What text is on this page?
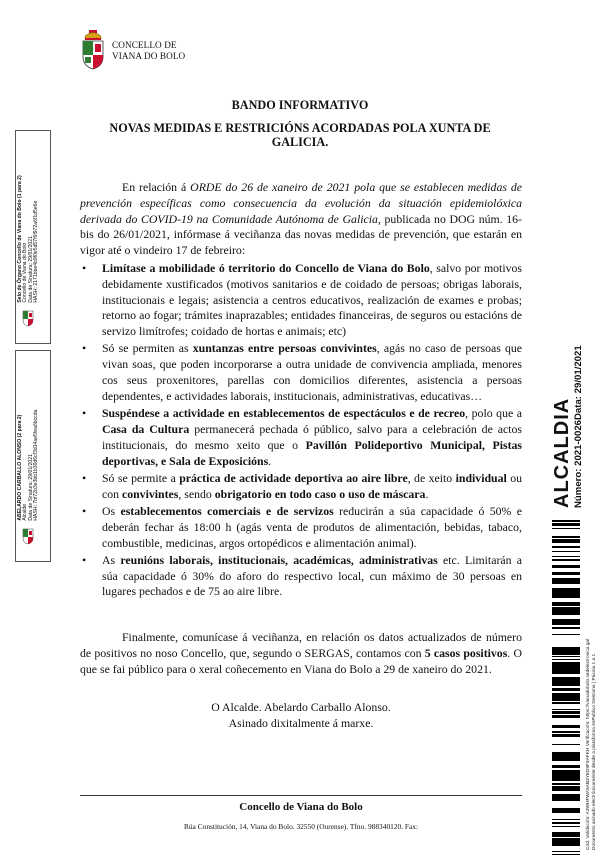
CONCELLO DE
VIANA DO BOLO
BANDO INFORMATIVO
NOVAS MEDIDAS E RESTRICIÓNS ACORDADAS POLA XUNTA DE
GALICIA.
En relación á ORDE do 26 de xaneiro de 2021 pola que se establecen medidas de prevención específicas como consecuencia da evolución da situación epidemiolóxica derivada do COVID-19 na Comunidade Autónoma de Galicia, publicada no DOG núm. 16-bis do 26/01/2021, infórmase á veciñanza das novas medidas de prevención, que estarán en vigor até o vindeiro 17 de febreiro:
• Limítase a mobilidade ó territorio do Concello de Viana do Bolo, salvo por motivos debidamente xustificados (motivos sanitarios e de coidado de persoas; obrigas laborais, institucionais e legais; asistencia a centros educativos, realización de exames e probas; retorno ao fogar; trámites inaprazables; entidades financeiras, de seguros ou estacións de servizo limítrofes; coidado de hortas e animais; etc)
• Só se permiten as xuntanzas entre persoas convivintes, agás no caso de persoas que vivan soas, que poden incorporarse a outra unidade de convivencia ampliada, menores cos seus proxenitores, parellas con domicilios diferentes, asistencia a persoas dependentes, e actividades laborais, institucionais, administrativas, educativas…
• Suspéndese a actividade en establecementos de espectáculos e de recreo, polo que a Casa da Cultura permanecerá pechada ó público, salvo para a celebración de actos institucionais, do mesmo xeito que o Pavillón Polideportivo Municipal, Pistas deportivas, e Sala de Exposicións.
• Só se permite a práctica de actividade deportiva ao aire libre, de xeito individual ou con convivintes, sendo obrigatorio en todo caso o uso de máscara.
• Os establecementos comerciais e de servizos reducirán a súa capacidade ó 50% e deberán fechar ás 18:00 h (agás venta de produtos de alimentación, bebidas, tabaco, combustible, medicinas, argos ortopédicos e alimentación animal).
• As reunións laborais, institucionais, académicas, administrativas etc. Limitarán a súa capacidade ó 30% do aforo do respectivo local, cun máximo de 30 persoas en lugares pechados e de 75 ao aire libre.
Finalmente, comunícase á veciñanza, en relación os datos actualizados de número de positivos no noso Concello, que, segundo o SERGAS, contamos con 5 casos positivos. O que se fai público para o xeral coñecemento en Viana do Bolo a 29 de xaneiro do 2021.
O Alcalde. Abelardo Carballo Alonso.
Asinado dixitalmente á marxe.
Concello de Viana do Bolo
Rúa Constitución, 14, Viana do Bolo. 32550 (Ourense). Tfno. 988340120. Fax:
Selo de Órgano Concello de Viana do Bolo (1 para 2) Concello de Viana do Bolo Data de Sinatura: 29/01/2021 HASH: 2171bbe4b9f0e5d57f6f972a6f1d5e6e
ABELARDO CARBALLO ALONSO (2 para 2) Alcalde Data de Sinatura: 29/01/2021 HASH: 7bf72b3e3bb1b30d6cf3d14ae5fea6bccda	ALCALDIA Número: 2021-0026
Data: 29/01/2021
Cód. Validación: A3WHFWA5AB3Y6G9F3AFKH Verificación: https://vianadobolo.sedelectronica.gal Documento asinado electrónicamente desde a plataforma esPublico Gestiona | Páxina 1 a 1
